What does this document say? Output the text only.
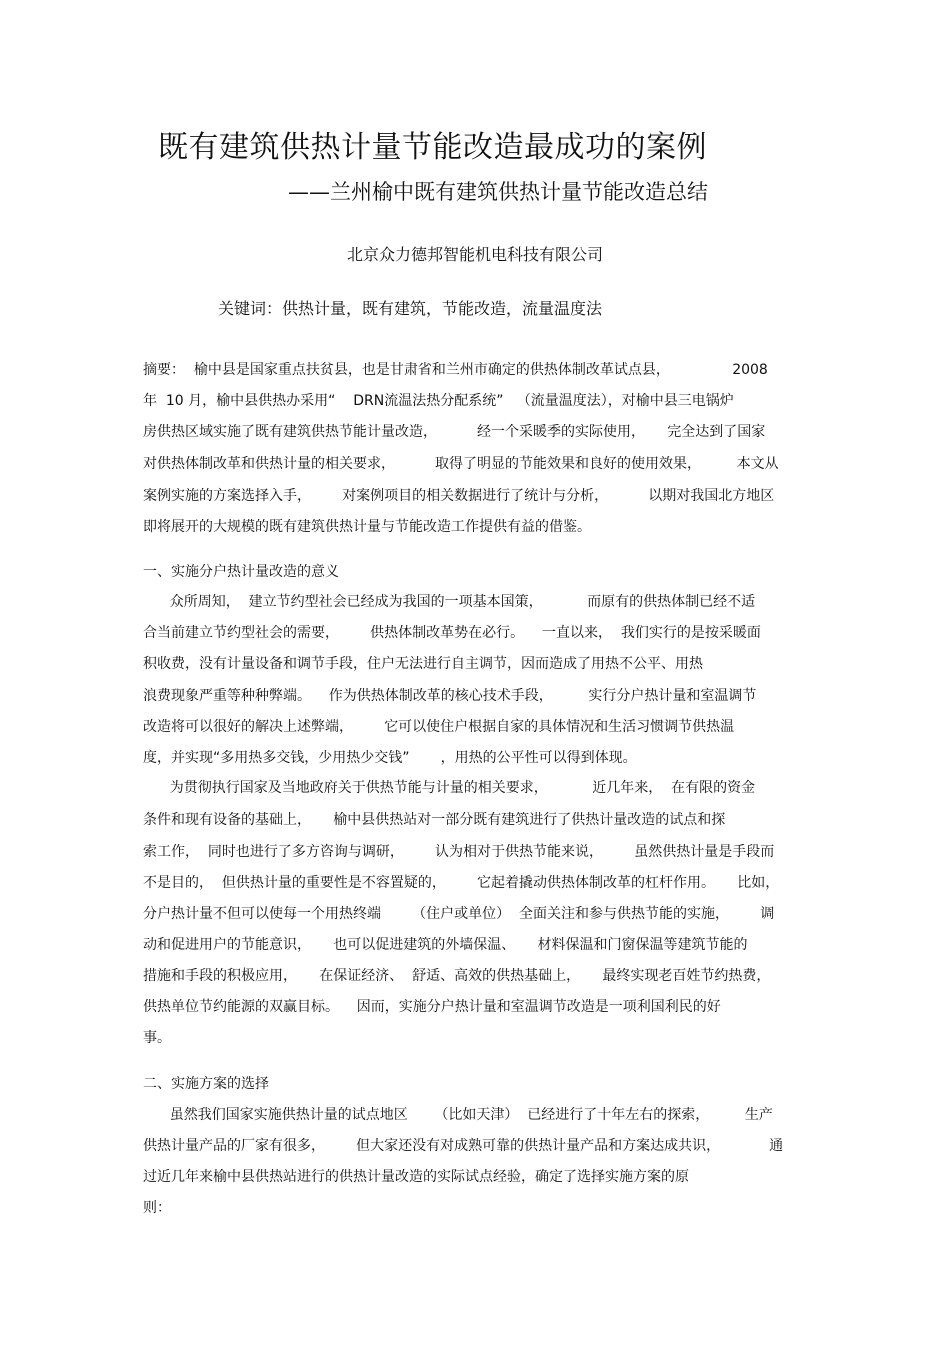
既有建筑供热计量节能改造最成功的案例
——兰州榆中既有建筑供热计量节能改造总结
北京众力德邦智能机电科技有限公司
关键词：供热计量，既有建筑，节能改造，流量温度法
摘要：  榆中县是国家重点扶贫县，也是甘肃省和兰州市确定的供热体制改革试点县，              2008
年  10 月，榆中县供热办采用“    DRN流温法热分配系统”   （流量温度法），对榆中县三电锅炉
房供热区域实施了既有建筑供热节能计量改造，         经一个采暖季的实际使用，     完全达到了国家
对供热体制改革和供热计量的相关要求，         取得了明显的节能效果和良好的使用效果，        本文从
案例实施的方案选择入手，       对案例项目的相关数据进行了统计与分析，         以期对我国北方地区
即将展开的大规模的既有建筑供热计量与节能改造工作提供有益的借鉴。
一、实施分户热计量改造的意义
众所周知，  建立节约型社会已经成为我国的一项基本国策，          而原有的供热体制已经不适
合当前建立节约型社会的需要，       供热体制改革势在必行。    一直以来，  我们实行的是按采暖面
积收费，没有计量设备和调节手段，住户无法进行自主调节，因而造成了用热不公平、用热
浪费现象严重等种种弊端。    作为供热体制改革的核心技术手段，        实行分户热计量和室温调节
改造将可以很好的解决上述弊端，       它可以使住户根据自家的具体情况和生活习惯调节供热温
度，并实现“多用热多交钱，少用热少交钱”       ，用热的公平性可以得到体现。
为贯彻执行国家及当地政府关于供热节能与计量的相关要求，          近几年来，  在有限的资金
条件和现有设备的基础上，     榆中县供热站对一部分既有建筑进行了供热计量改造的试点和探
索工作，  同时也进行了多方咨询与调研，       认为相对于供热节能来说，       虽然供热计量是手段而
不是目的，  但供热计量的重要性是不容置疑的，       它起着撬动供热体制改革的杠杆作用。     比如，
分户热计量不但可以使每一个用热终端       （住户或单位）  全面关注和参与供热节能的实施，       调
动和促进用户的节能意识，     也可以促进建筑的外墙保温、     材料保温和门窗保温等建筑节能的
措施和手段的积极应用，     在保证经济、  舒适、高效的供热基础上，     最终实现老百姓节约热费，
供热单位节约能源的双赢目标。    因而，实施分户热计量和室温调节改造是一项利国利民的好
事。
二、实施方案的选择
虽然我们国家实施供热计量的试点地区      （比如天津）  已经进行了十年左右的探索，        生产
供热计量产品的厂家有很多，       但大家还没有对成熟可靠的供热计量产品和方案达成共识，           通
过近几年来榆中县供热站进行的供热计量改造的实际试点经验，确定了选择实施方案的原
则：
